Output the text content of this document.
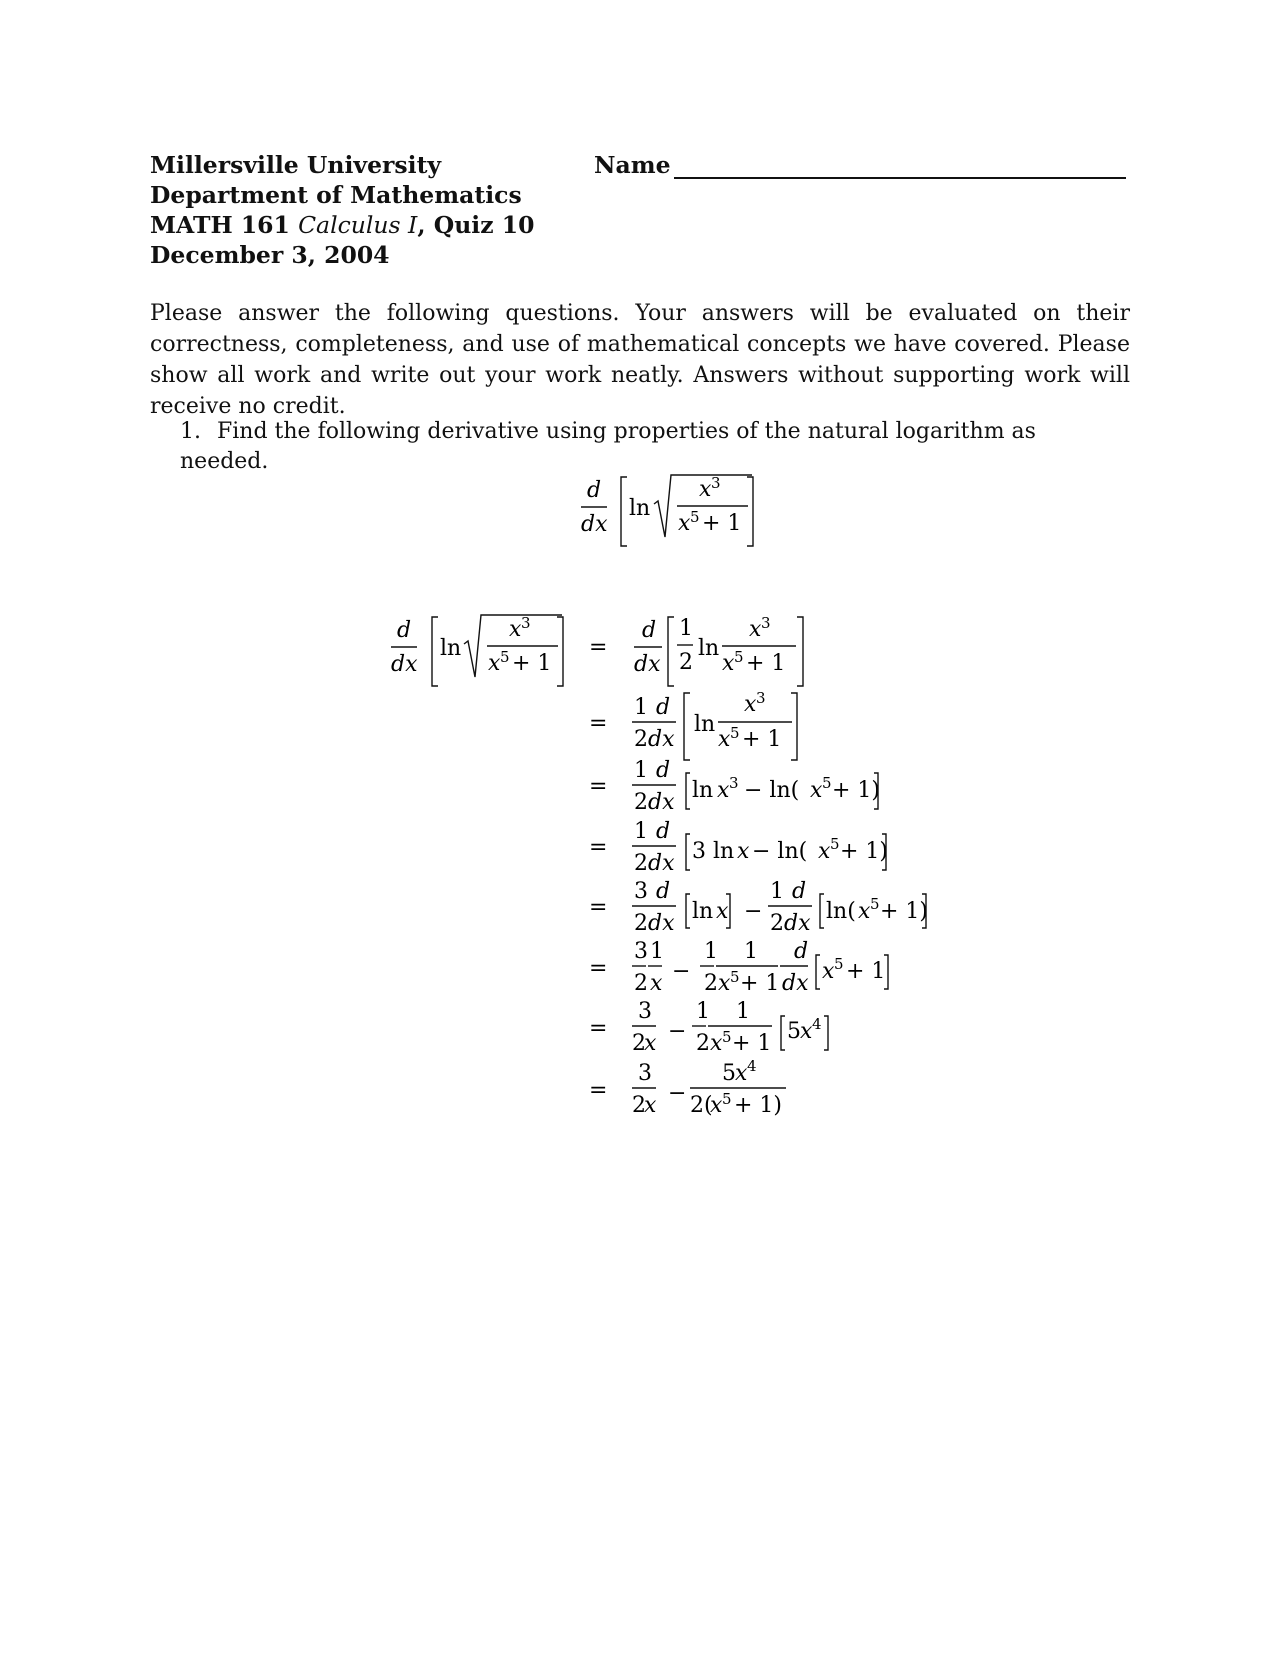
Millersville University
Department of Mathematics
MATH 161 Calculus I, Quiz 10
December 3, 2004
Name
Please answer the following questions. Your answers will be evaluated on their correctness, completeness, and use of mathematical concepts we have covered. Please show all work and write out your work neatly. Answers without supporting work will receive no credit.
1. Find the following derivative using properties of the natural logarithm as needed.
d
dx
ln
x 3
x 5 + 1
d
dx
ln
x 3
x 5 + 1
=
=
=
=
=
=
=
=
d
dx
1
2
ln
x 3
x 5 + 1
1 d
2 dx
ln
x 3
x 5 + 1
1 d
2 dx ln x 3 − ln( x 5 + 1)
1 d
2 dx 3 ln x − ln( x 5 + 1)
3 d
2 dx ln x −
1 d
2 dx ln( x 5 + 1)
3 1
2 x −
1
2
1
x 5 + 1
d
dx x 5 + 1
3
2
x −
1
2
1
x 5 + 1 5 x 4
3
2
x −
5 x 4
2(
x 5 + 1)
